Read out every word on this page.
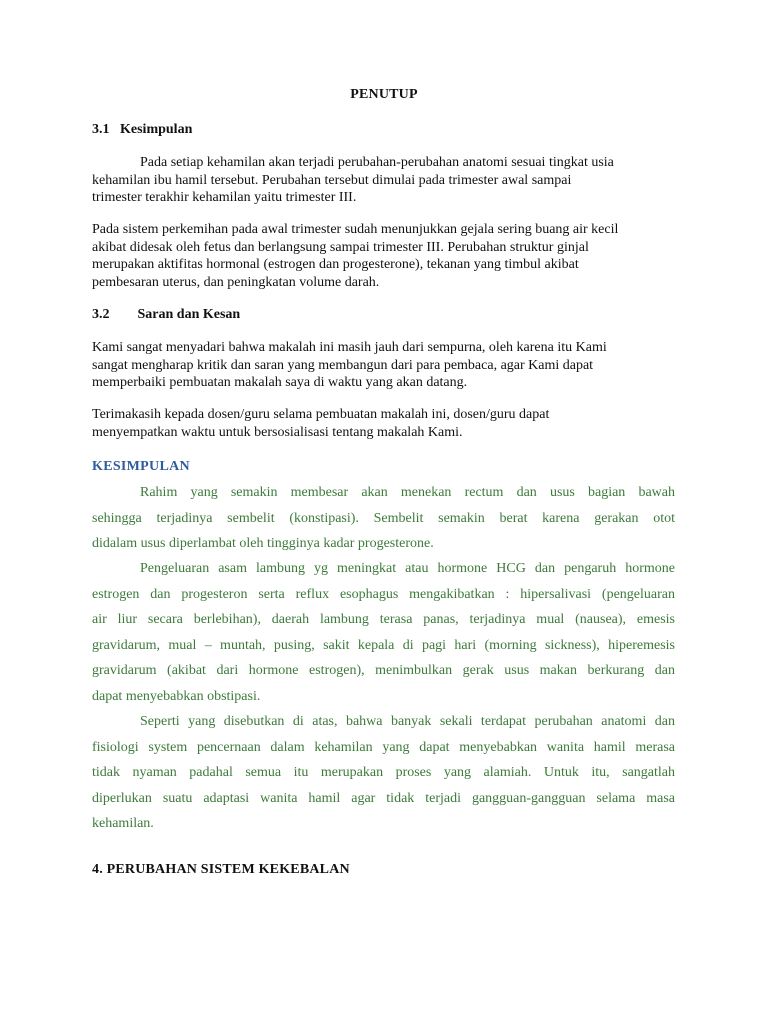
PENUTUP
3.1 Kesimpulan
Pada setiap kehamilan akan terjadi perubahan-perubahan anatomi sesuai tingkat usia
kehamilan ibu hamil tersebut. Perubahan tersebut dimulai pada trimester awal sampai
trimester terakhir kehamilan yaitu trimester III.
Pada sistem perkemihan pada awal trimester sudah menunjukkan gejala sering buang air kecil
akibat didesak oleh fetus dan berlangsung sampai trimester III. Perubahan struktur ginjal
merupakan aktifitas hormonal (estrogen dan progesterone), tekanan yang timbul akibat
pembesaran uterus, dan peningkatan volume darah.
3.2 Saran dan Kesan
Kami sangat menyadari bahwa makalah ini masih jauh dari sempurna, oleh karena itu Kami
sangat mengharap kritik dan saran yang membangun dari para pembaca, agar Kami dapat
memperbaiki pembuatan makalah saya di waktu yang akan datang.
Terimakasih kepada dosen/guru selama pembuatan makalah ini, dosen/guru dapat
menyempatkan waktu untuk bersosialisasi tentang makalah Kami.
KESIMPULAN
Rahim yang semakin membesar akan menekan rectum dan usus bagian bawah
sehingga terjadinya sembelit (konstipasi). Sembelit semakin berat karena gerakan otot
didalam usus diperlambat oleh tingginya kadar progesterone.
Pengeluaran asam lambung yg meningkat atau hormone HCG dan pengaruh hormone
estrogen dan progesteron serta reflux esophagus mengakibatkan : hipersalivasi (pengeluaran
air liur secara berlebihan), daerah lambung terasa panas, terjadinya mual (nausea), emesis
gravidarum, mual – muntah, pusing, sakit kepala di pagi hari (morning sickness), hiperemesis
gravidarum (akibat dari hormone estrogen), menimbulkan gerak usus makan berkurang dan
dapat menyebabkan obstipasi.
Seperti yang disebutkan di atas, bahwa banyak sekali terdapat perubahan anatomi dan
fisiologi system pencernaan dalam kehamilan yang dapat menyebabkan wanita hamil merasa
tidak nyaman padahal semua itu merupakan proses yang alamiah. Untuk itu, sangatlah
diperlukan suatu adaptasi wanita hamil agar tidak terjadi gangguan-gangguan selama masa
kehamilan.
4. PERUBAHAN SISTEM KEKEBALAN
